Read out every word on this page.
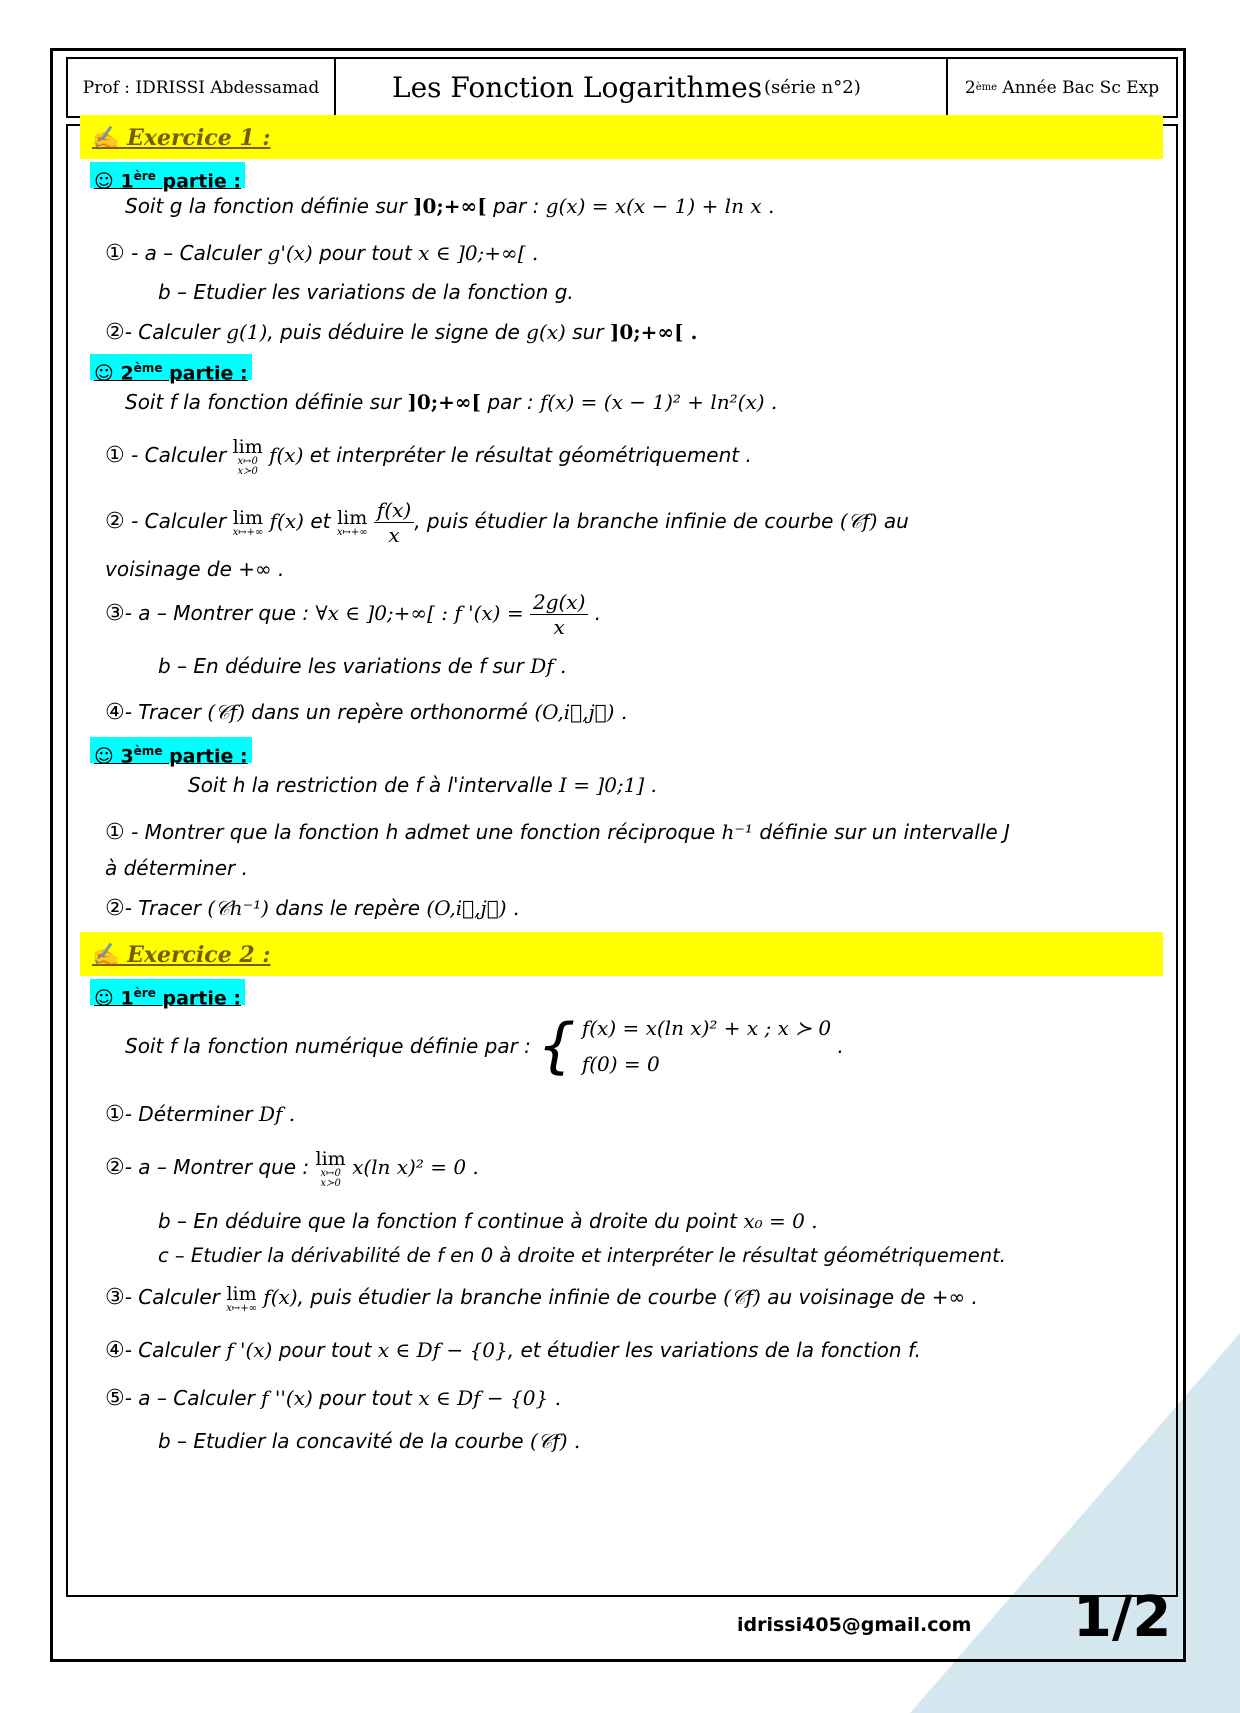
Prof : IDRISSI Abdessamad	Les Fonction Logarithmes (série n°2)	2 ème
Année Bac Sc Exp
✍ Exercice 1 :
☺ 1ère partie :
Soit g la fonction définie sur ]0;+∞[ par : g(x) = x(x − 1) + ln x .
① - a – Calculer g'(x) pour tout x ∈ ]0;+∞[ .
b – Etudier les variations de la fonction g.
②- Calculer g(1), puis déduire le signe de g(x) sur ]0;+∞[ .
☺ 2ème partie :
Soit f la fonction définie sur ]0;+∞[ par : f(x) = (x − 1)² + ln²(x) .
① - Calculer lim
x↦0
x≻0
f(x) et interpréter le résultat géométriquement .
② - Calculer lim
x↦+∞ f(x) et lim
x↦+∞
$\frac{f(x)}{x}$ , puis étudier la branche infinie de courbe (𝒞f) au
voisinage de +∞ .
③- a – Montrer que : ∀x ∈ ]0;+∞[ : f '$(x) = \frac{2g(x)}{x}$ .
b – En déduire les variations de f sur Df .
④- Tracer (𝒞f) dans un repère orthonormé (O,i⃗,j⃗) .
☺ 3ème partie :
Soit h la restriction de f à l'intervalle I = ]0;1] .
① - Montrer que la fonction h admet une fonction réciproque h⁻¹ définie sur un intervalle J
à déterminer .
②- Tracer (𝒞h⁻¹) dans le repère (O,i⃗,j⃗) .
✍ Exercice 2 :
☺ 1ère partie :
Soit f la fonction numérique définie par : { f(x) = x(ln x)² + x ; x ≻ 0
f(0) = 0
.
①- Déterminer Df .
②- a – Montrer que : lim
x↦0
x≻0
x(ln x)² = 0 .
b – En déduire que la fonction f continue à droite du point x₀ = 0 .
c – Etudier la dérivabilité de f en 0 à droite et interpréter le résultat géométriquement.
③- Calculer lim
x↦+∞ f(x), puis étudier la branche infinie de courbe (𝒞f) au voisinage de +∞ .
④- Calculer f '(x) pour tout x ∈ Df − {0}, et étudier les variations de la fonction f.
⑤- a – Calculer f ''(x) pour tout x ∈ Df − {0} .
b – Etudier la concavité de la courbe (𝒞f) .
idrissi405@gmail.com 1/2
